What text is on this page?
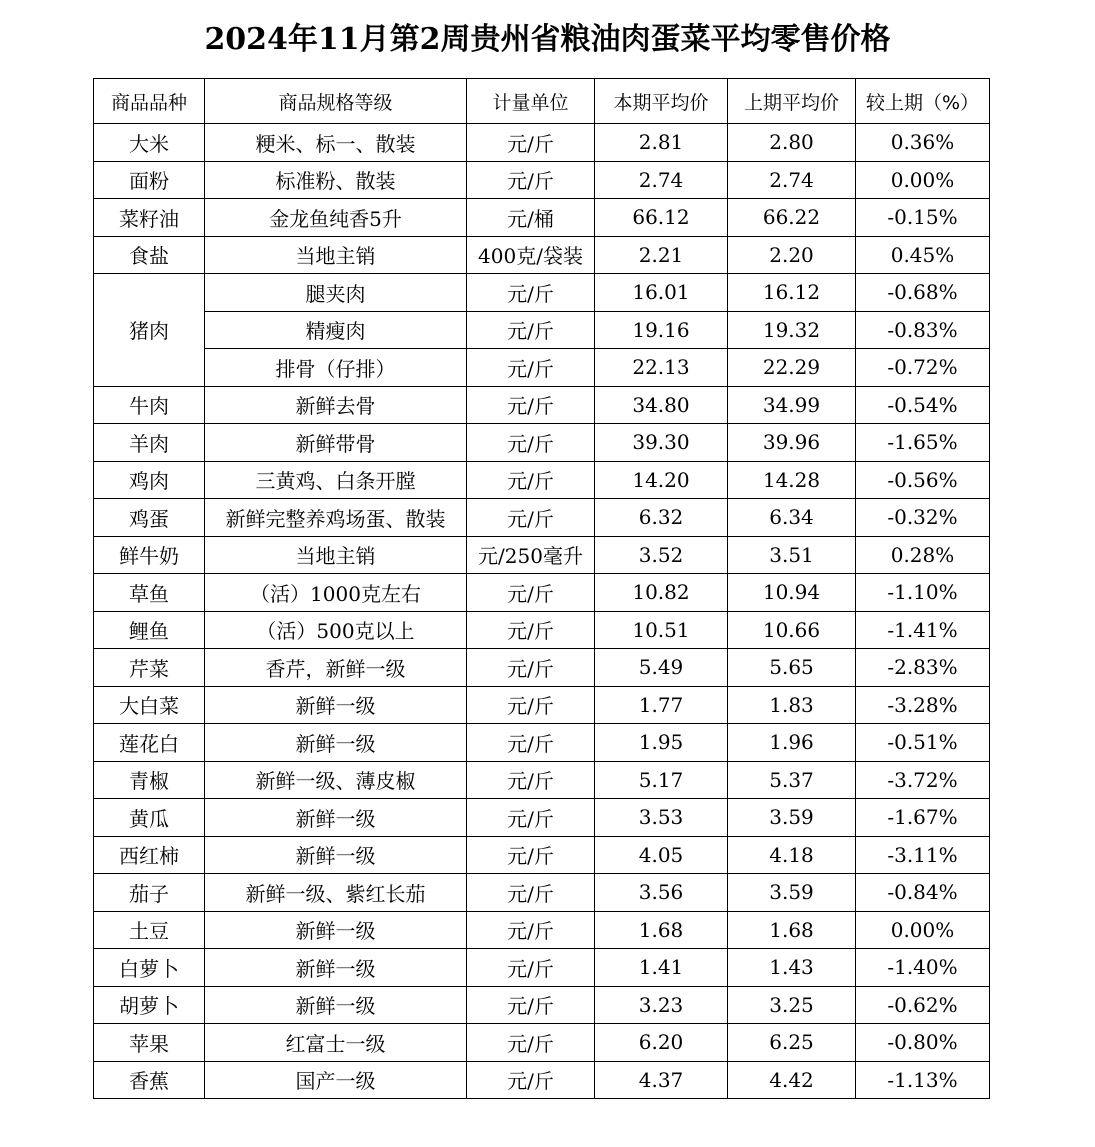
2024年11月第2周贵州省粮油肉蛋菜平均零售价格
商品品种	商品规格等级	计量单位	本期平均价	上期平均价	较上期（%）
大米	粳米、标一、散装	元/斤	2.81	2.80	0.36%
面粉	标准粉、散装	元/斤	2.74	2.74	0.00%
菜籽油	金龙鱼纯香5升	元/桶	66.12	66.22	-0.15%
食盐	当地主销	400克/袋装	2.21	2.20	0.45%
猪肉	腿夹肉	元/斤	16.01	16.12	-0.68%
	精瘦肉	元/斤	19.16	19.32	-0.83%
	排骨（仔排）	元/斤	22.13	22.29	-0.72%
牛肉	新鲜去骨	元/斤	34.80	34.99	-0.54%
羊肉	新鲜带骨	元/斤	39.30	39.96	-1.65%
鸡肉	三黄鸡、白条开膛	元/斤	14.20	14.28	-0.56%
鸡蛋	新鲜完整养鸡场蛋、散装	元/斤	6.32	6.34	-0.32%
鲜牛奶	当地主销	元/250毫升	3.52	3.51	0.28%
草鱼	（活）1000克左右	元/斤	10.82	10.94	-1.10%
鲤鱼	（活）500克以上	元/斤	10.51	10.66	-1.41%
芹菜	香芹，新鲜一级	元/斤	5.49	5.65	-2.83%
大白菜	新鲜一级	元/斤	1.77	1.83	-3.28%
莲花白	新鲜一级	元/斤	1.95	1.96	-0.51%
青椒	新鲜一级、薄皮椒	元/斤	5.17	5.37	-3.72%
黄瓜	新鲜一级	元/斤	3.53	3.59	-1.67%
西红柿	新鲜一级	元/斤	4.05	4.18	-3.11%
茄子	新鲜一级、紫红长茄	元/斤	3.56	3.59	-0.84%
土豆	新鲜一级	元/斤	1.68	1.68	0.00%
白萝卜	新鲜一级	元/斤	1.41	1.43	-1.40%
胡萝卜	新鲜一级	元/斤	3.23	3.25	-0.62%
苹果	红富士一级	元/斤	6.20	6.25	-0.80%
香蕉	国产一级	元/斤	4.37	4.42	-1.13%
